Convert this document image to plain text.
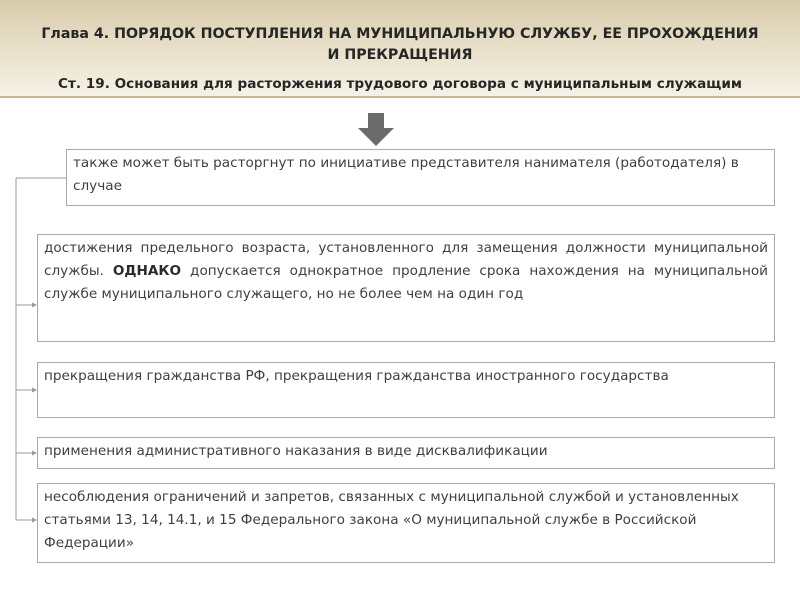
Глава 4. ПОРЯДОК ПОСТУПЛЕНИЯ НА МУНИЦИПАЛЬНУЮ СЛУЖБУ, ЕЕ ПРОХОЖДЕНИЯ
И ПРЕКРАЩЕНИЯ
Ст. 19. Основания для расторжения трудового договора с муниципальным служащим

также может быть расторгнут по инициативе представителя нанимателя (работодателя) в случае

достижения предельного возраста, установленного для замещения должности муниципальной службы. ОДНАКО допускается однократное продление срока нахождения на муниципальной службе муниципального служащего, но не более чем на один год

прекращения гражданства РФ, прекращения гражданства иностранного государства

применения административного наказания в виде дисквалификации

несоблюдения ограничений и запретов, связанных с муниципальной службой и установленных статьями 13, 14, 14.1, и 15 Федерального закона «О муниципальной службе в Российской Федерации»
